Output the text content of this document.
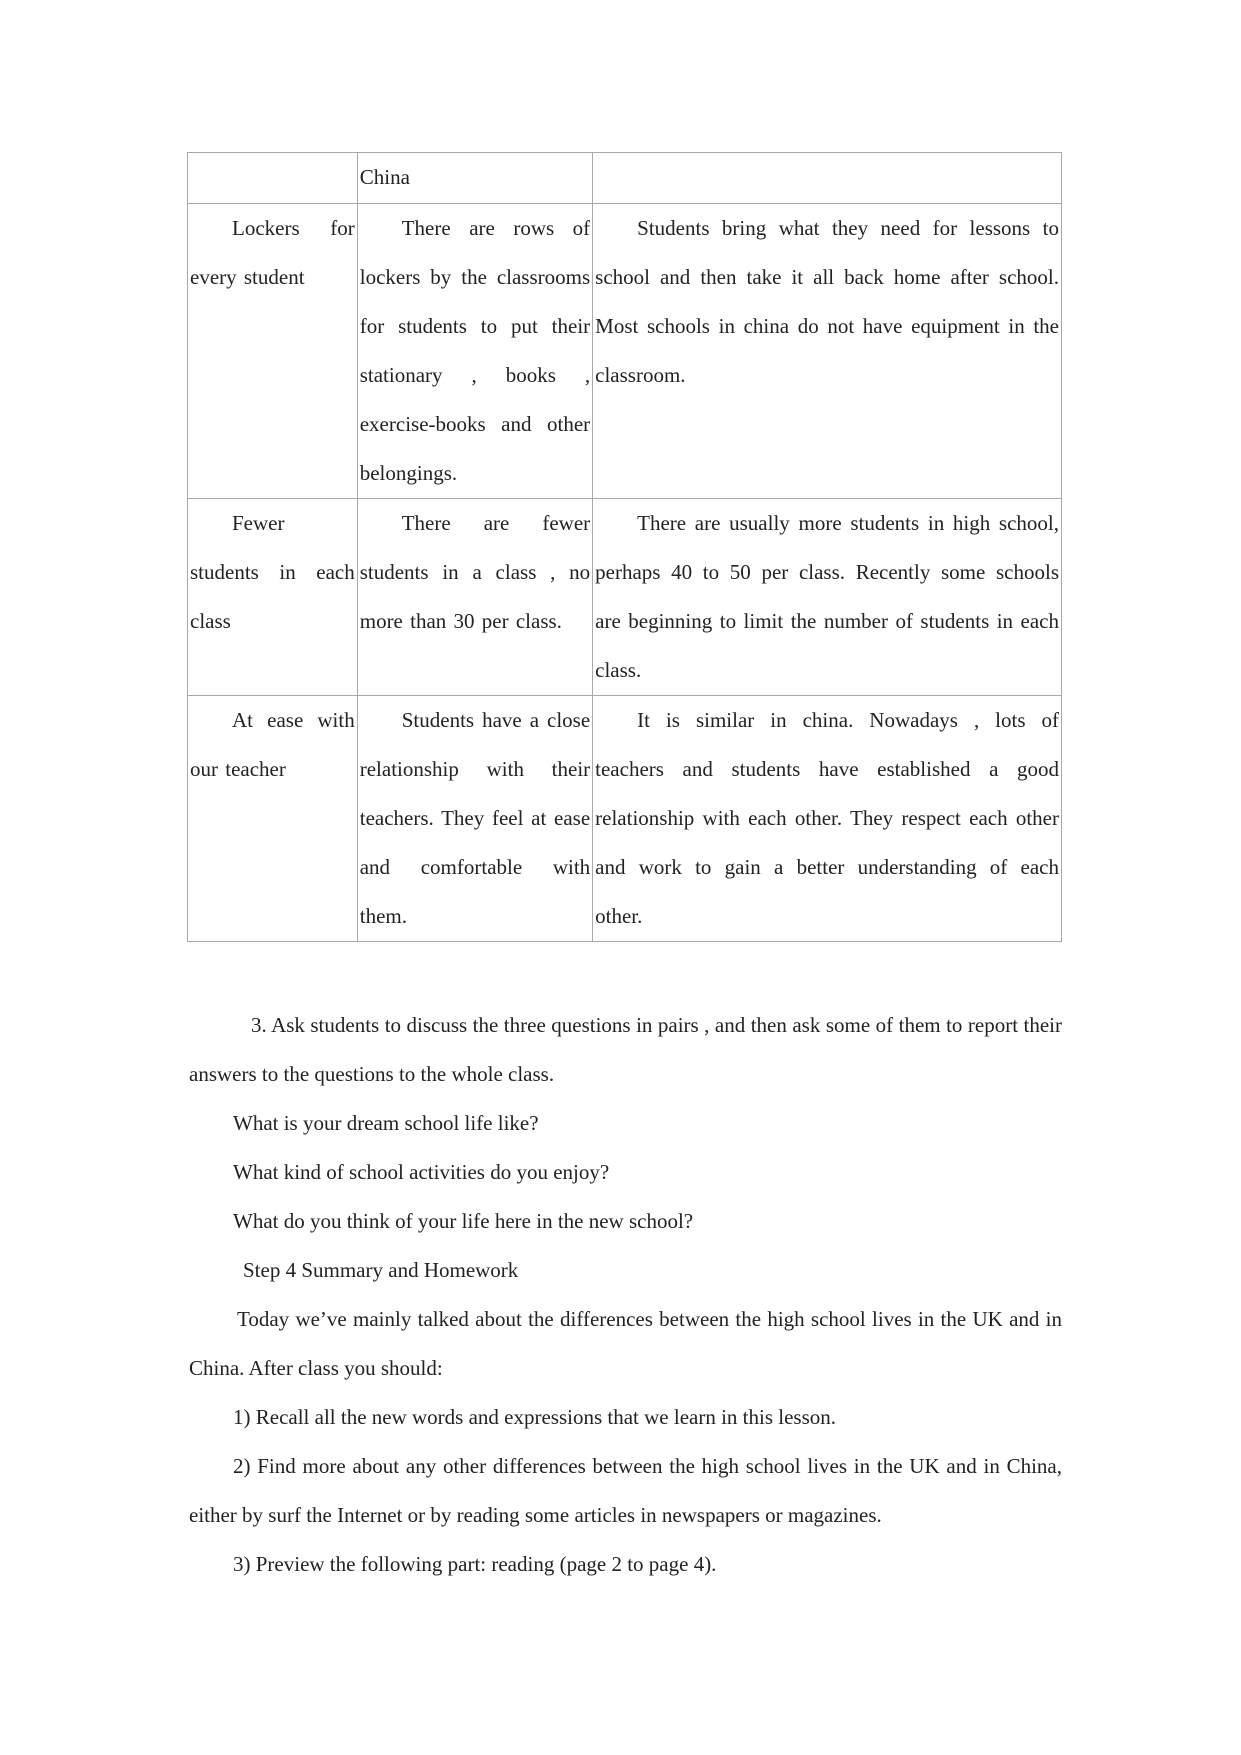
	China	
Lockers for every student	There are rows of lockers by the classrooms for students to put their stationary , books , exercise-books and other belongings.	Students bring what they need for lessons to school and then take it all back home after school. Most schools in china do not have equipment in the classroom.
Fewer students in each class	There are fewer students in a class , no more than 30 per class.	There are usually more students in high school, perhaps 40 to 50 per class. Recently some schools are beginning to limit the number of students in each class.
At ease with our teacher	Students have a close relationship with their teachers. They feel at ease and comfortable with them.	It is similar in china. Nowadays , lots of teachers and students have established a good relationship with each other. They respect each other and work to gain a better understanding of each other.

3. Ask students to discuss the three questions in pairs , and then ask some of them to report their answers to the questions to the whole class.

What is your dream school life like?

What kind of school activities do you enjoy?

What do you think of your life here in the new school?

Step 4 Summary and Homework

Today we’ve mainly talked about the differences between the high school lives in the UK and in China. After class you should:

1) Recall all the new words and expressions that we learn in this lesson.

2) Find more about any other differences between the high school lives in the UK and in China, either by surf the Internet or by reading some articles in newspapers or magazines.

3) Preview the following part: reading (page 2 to page 4).
